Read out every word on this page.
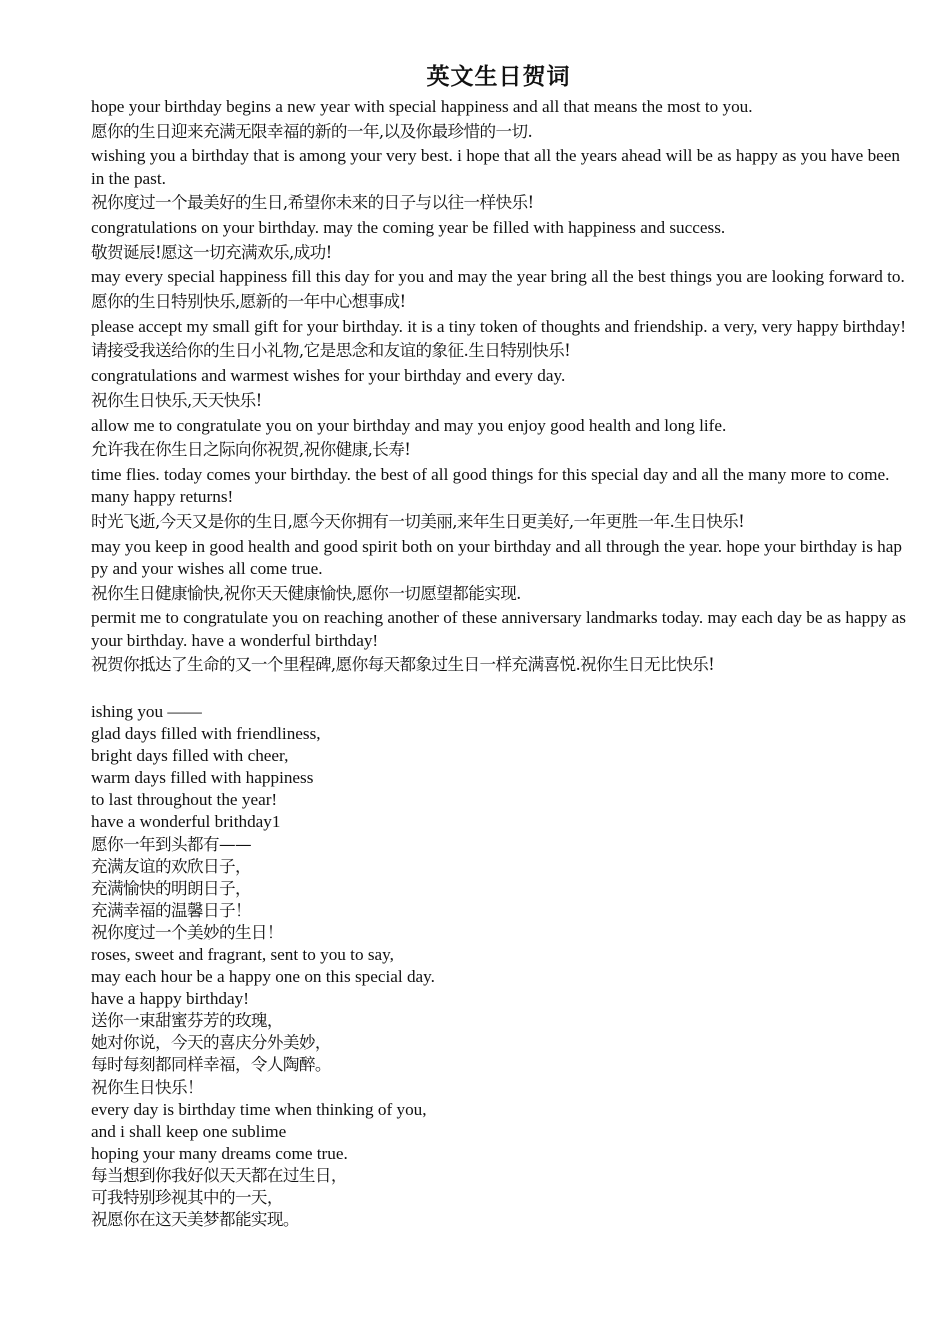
英文生日贺词

hope your birthday begins a new year with special happiness and all that means the most to you.

愿你的生日迎来充满无限幸福的新的一年,以及你最珍惜的一切.

wishing you a birthday that is among your very best. i hope that all the years ahead will be as happy as you have been in the past.

祝你度过一个最美好的生日,希望你未来的日子与以往一样快乐!

congratulations on your birthday. may the coming year be filled with happiness and success.

敬贺诞辰!愿这一切充满欢乐,成功!

may every special happiness fill this day for you and may the year bring all the best things you are looking forward to.

愿你的生日特别快乐,愿新的一年中心想事成!

please accept my small gift for your birthday. it is a tiny token of thoughts and friendship. a very, very happy birthday!

请接受我送给你的生日小礼物,它是思念和友谊的象征.生日特别快乐!

congratulations and warmest wishes for your birthday and every day.

祝你生日快乐,天天快乐!

allow me to congratulate you on your birthday and may you enjoy good health and long life.

允许我在你生日之际向你祝贺,祝你健康,长寿!

time flies. today comes your birthday. the best of all good things for this special day and all the many more to come. many happy returns!

时光飞逝,今天又是你的生日,愿今天你拥有一切美丽,来年生日更美好,一年更胜一年.生日快乐!

may you keep in good health and good spirit both on your birthday and all through the year. hope your birthday is happy and your wishes all come true.

祝你生日健康愉快,祝你天天健康愉快,愿你一切愿望都能实现.

permit me to congratulate you on reaching another of these anniversary landmarks today. may each day be as happy as your birthday. have a wonderful birthday!

祝贺你抵达了生命的又一个里程碑,愿你每天都象过生日一样充满喜悦.祝你生日无比快乐!

ishing you ——

glad days filled with friendliness,

bright days filled with cheer,

warm days filled with happiness

to last throughout the year!

have a wonderful brithday1

愿你一年到头都有——

充满友谊的欢欣日子，

充满愉快的明朗日子，

充满幸福的温馨日子！

祝你度过一个美妙的生日！

roses, sweet and fragrant, sent to you to say,

may each hour be a happy one on this special day.

have a happy birthday!

送你一束甜蜜芬芳的玫瑰，

她对你说，今天的喜庆分外美妙，

每时每刻都同样幸福，令人陶醉。

祝你生日快乐！

every day is birthday time when thinking of you,

and i shall keep one sublime

hoping your many dreams come true.

每当想到你我好似天天都在过生日，

可我特别珍视其中的一天，

祝愿你在这天美梦都能实现。
